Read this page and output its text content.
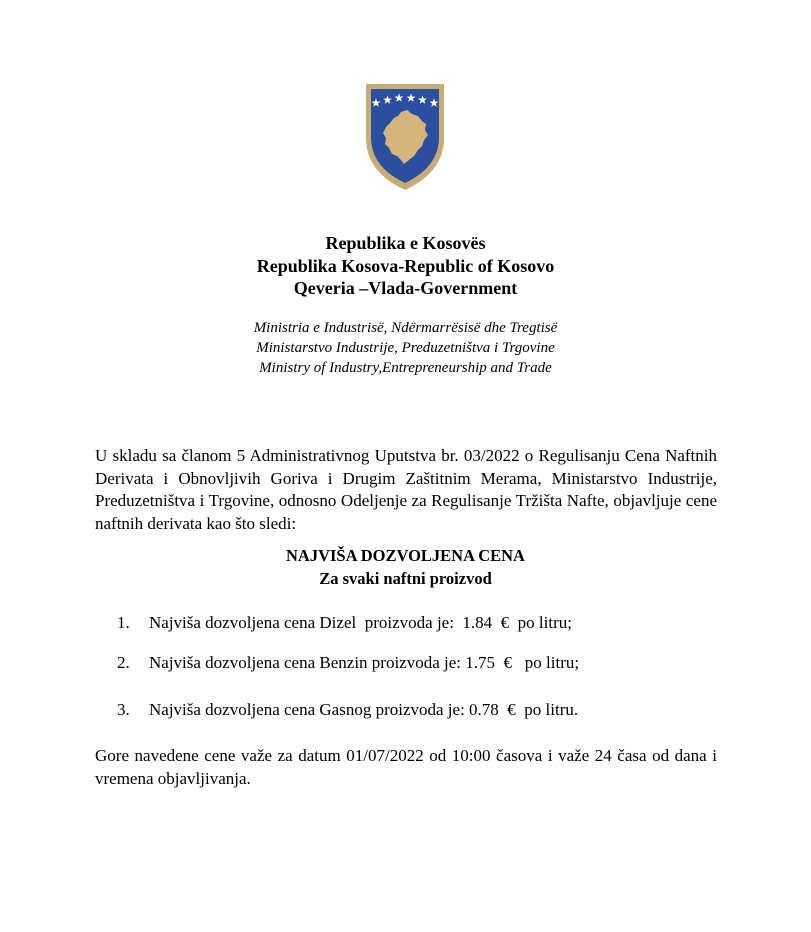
Republika e Kosovës
Republika Kosova-Republic of Kosovo
Qeveria –Vlada-Government
Ministria e Industrisë, Ndërmarrësisë dhe Tregtisë
Ministarstvo Industrije, Preduzetništva i Trgovine
Ministry of Industry,Entrepreneurship and Trade

U skladu sa članom 5 Administrativnog Uputstva br. 03/2022 o Regulisanju Cena Naftnih Derivata i Obnovljivih Goriva i Drugim Zaštitnim Merama, Ministarstvo Industrije, Preduzetništva i Trgovine, odnosno Odeljenje za Regulisanje Tržišta Nafte, objavljuje cene naftnih derivata kao što sledi:

NAJVIŠA DOZVOLJENA CENA
Za svaki naftni proizvod
1. Najviša dozvoljena cena Dizel  proizvoda je:  1.84  €  po litru;
2. Najviša dozvoljena cena Benzin proizvoda je: 1.75  €   po litru;
3. Najviša dozvoljena cena Gasnog proizvoda je: 0.78  €  po litru.

Gore navedene cene važe za datum 01/07/2022 od 10:00 časova i važe 24 časa od dana i vremena objavljivanja.
